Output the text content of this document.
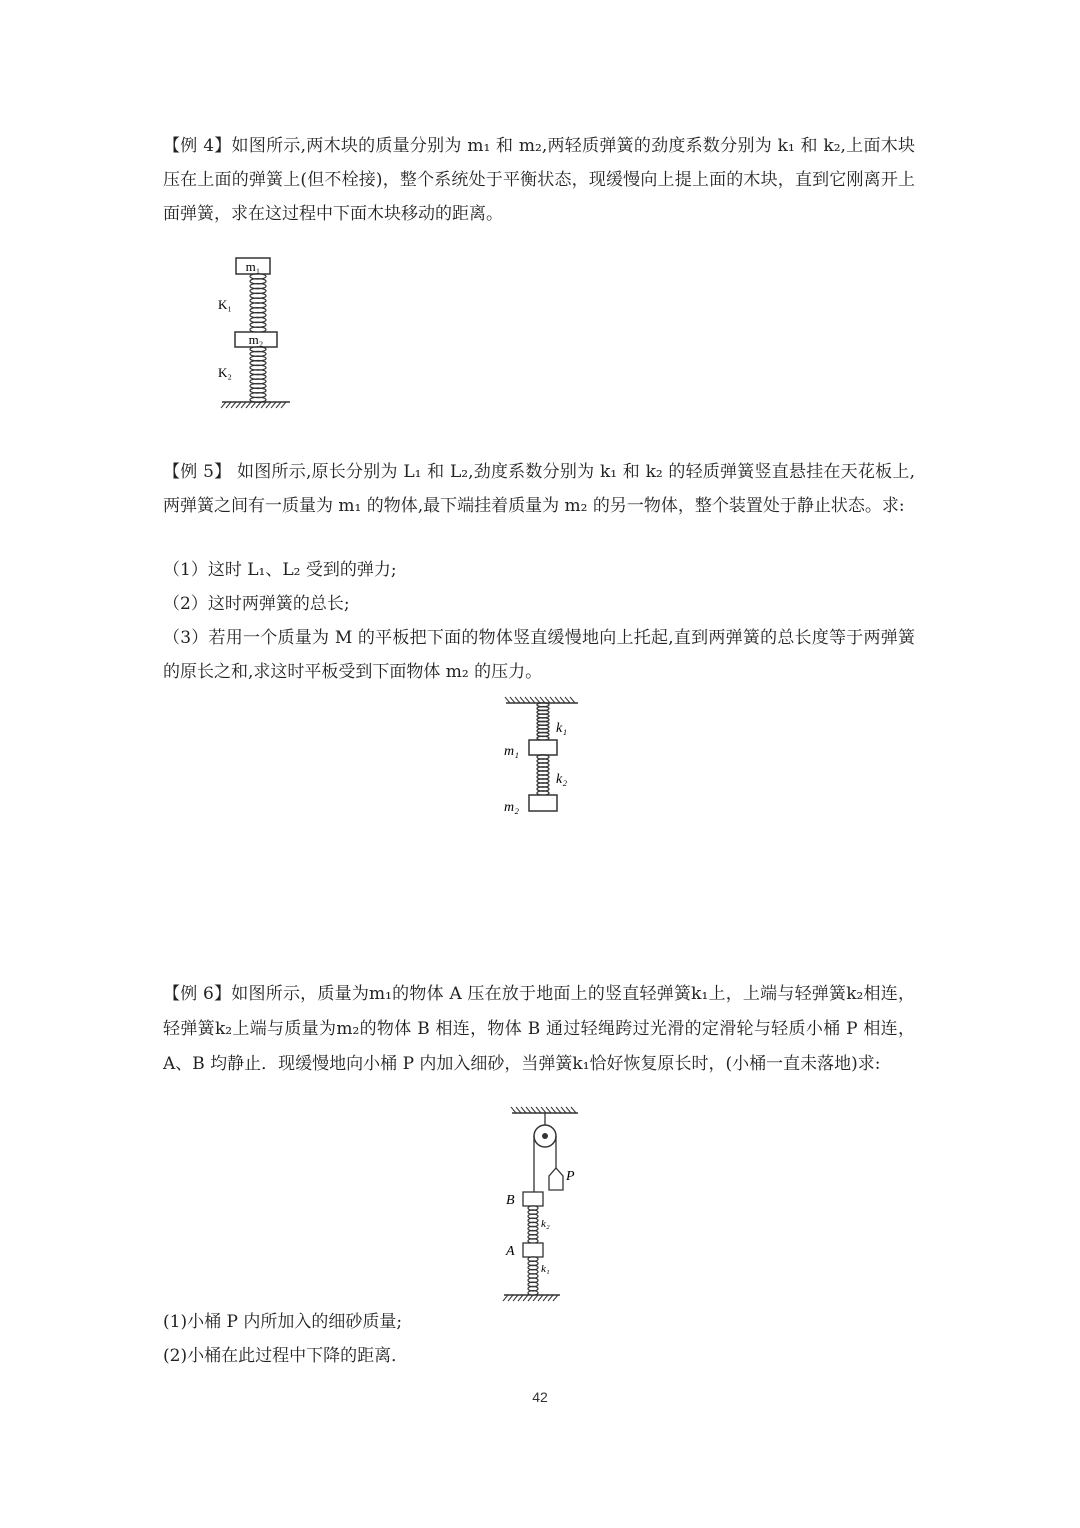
【例 4】如图所示,两木块的质量分别为 m₁ 和 m₂,两轻质弹簧的劲度系数分别为 k₁ 和 k₂,上面木块压在上面的弹簧上(但不栓接)，整个系统处于平衡状态，现缓慢向上提上面的木块，直到它刚离开上面弹簧，求在这过程中下面木块移动的距离。

m₁
K₁
m₂
K₂

【例 5】 如图所示,原长分别为 L₁ 和 L₂,劲度系数分别为 k₁ 和 k₂ 的轻质弹簧竖直悬挂在天花板上,两弹簧之间有一质量为 m₁ 的物体,最下端挂着质量为 m₂ 的另一物体，整个装置处于静止状态。求:

（1）这时 L₁、L₂ 受到的弹力;

（2）这时两弹簧的总长;

（3）若用一个质量为 M 的平板把下面的物体竖直缓慢地向上托起,直到两弹簧的总长度等于两弹簧的原长之和,求这时平板受到下面物体 m₂ 的压力。

k₁
m₁
k₂
m₂

【例 6】如图所示，质量为m₁的物体 A 压在放于地面上的竖直轻弹簧k₁上，上端与轻弹簧k₂相连，轻弹簧k₂上端与质量为m₂的物体 B 相连，物体 B 通过轻绳跨过光滑的定滑轮与轻质小桶 P 相连，A、B 均静止．现缓慢地向小桶 P 内加入细砂，当弹簧k₁恰好恢复原长时，(小桶一直未落地)求:

P
B
k₂
A
k₁

(1)小桶 P 内所加入的细砂质量;

(2)小桶在此过程中下降的距离．

42
